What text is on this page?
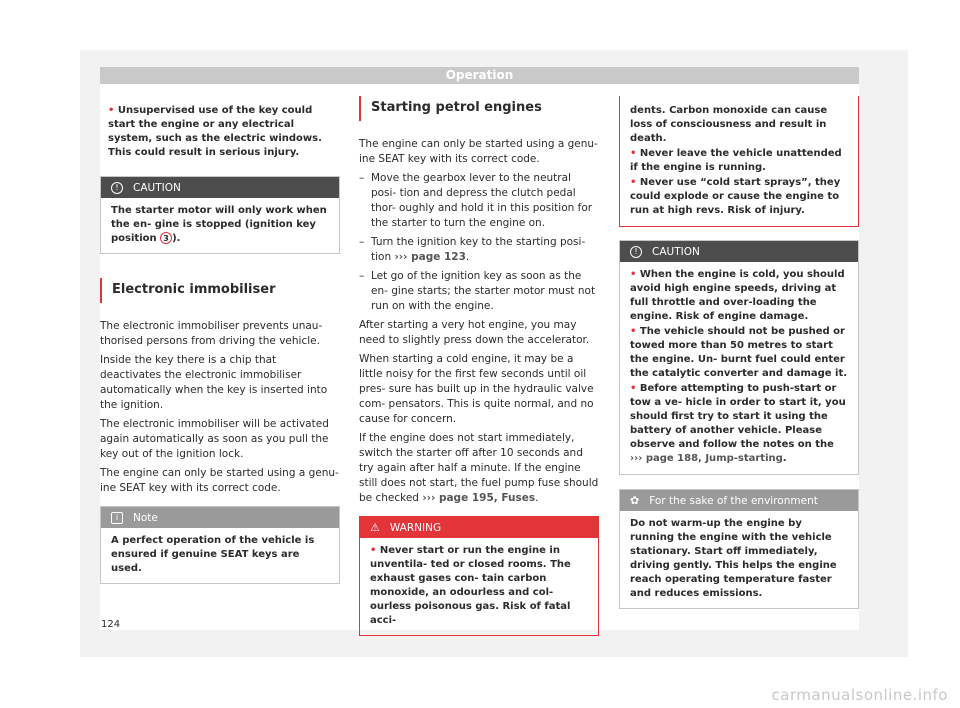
Operation
• Unsupervised use of the key could start the engine or any electrical system, such as the electric windows. This could result in serious injury.
!	CAUTION
The starter motor will only work when the en- gine is stopped (ignition key position 3 ).
Electronic immobiliser

The electronic immobiliser prevents unau- thorised persons from driving the vehicle.

Inside the key there is a chip that deactivates the electronic immobiliser automatically when the key is inserted into the ignition.

The electronic immobiliser will be activated again automatically as soon as you pull the key out of the ignition lock.

The engine can only be started using a genu- ine SEAT key with its correct code.

i	Note
A perfect operation of the vehicle is ensured if genuine SEAT keys are used.
Starting petrol engines

The engine can only be started using a genu- ine SEAT key with its correct code.

– Move the gearbox lever to the neutral posi- tion and depress the clutch pedal thor- oughly and hold it in this position for the starter to turn the engine on.
– Turn the ignition key to the starting posi- tion ››› page 123.
– Let go of the ignition key as soon as the en- gine starts; the starter motor must not run on with the engine.

After starting a very hot engine, you may need to slightly press down the accelerator.

When starting a cold engine, it may be a little noisy for the first few seconds until oil pres- sure has built up in the hydraulic valve com- pensators. This is quite normal, and no cause for concern.

If the engine does not start immediately, switch the starter off after 10 seconds and try again after half a minute. If the engine still does not start, the fuel pump fuse should be checked ››› page 195, Fuses.

⚠ WARNING
• Never start or run the engine in unventila- ted or closed rooms. The exhaust gases con- tain carbon monoxide, an odourless and col- ourless poisonous gas. Risk of fatal acci-

dents. Carbon monoxide can cause loss of consciousness and result in death.

• Never leave the vehicle unattended if the engine is running.

• Never use “cold start sprays”, they could explode or cause the engine to run at high revs. Risk of injury.

!	CAUTION

• When the engine is cold, you should avoid high engine speeds, driving at full throttle and over-loading the engine. Risk of engine damage.

• The vehicle should not be pushed or towed more than 50 metres to start the engine. Un- burnt fuel could enter the catalytic converter and damage it.

• Before attempting to push-start or tow a ve- hicle in order to start it, you should first try to start it using the battery of another vehicle. Please observe and follow the notes on the ››› page 188, Jump-starting.

✿ For the sake of the environment
Do not warm-up the engine by running the engine with the vehicle stationary. Start off immediately, driving gently. This helps the engine reach operating temperature faster and reduces emissions.
124
carmanualsonline.info
